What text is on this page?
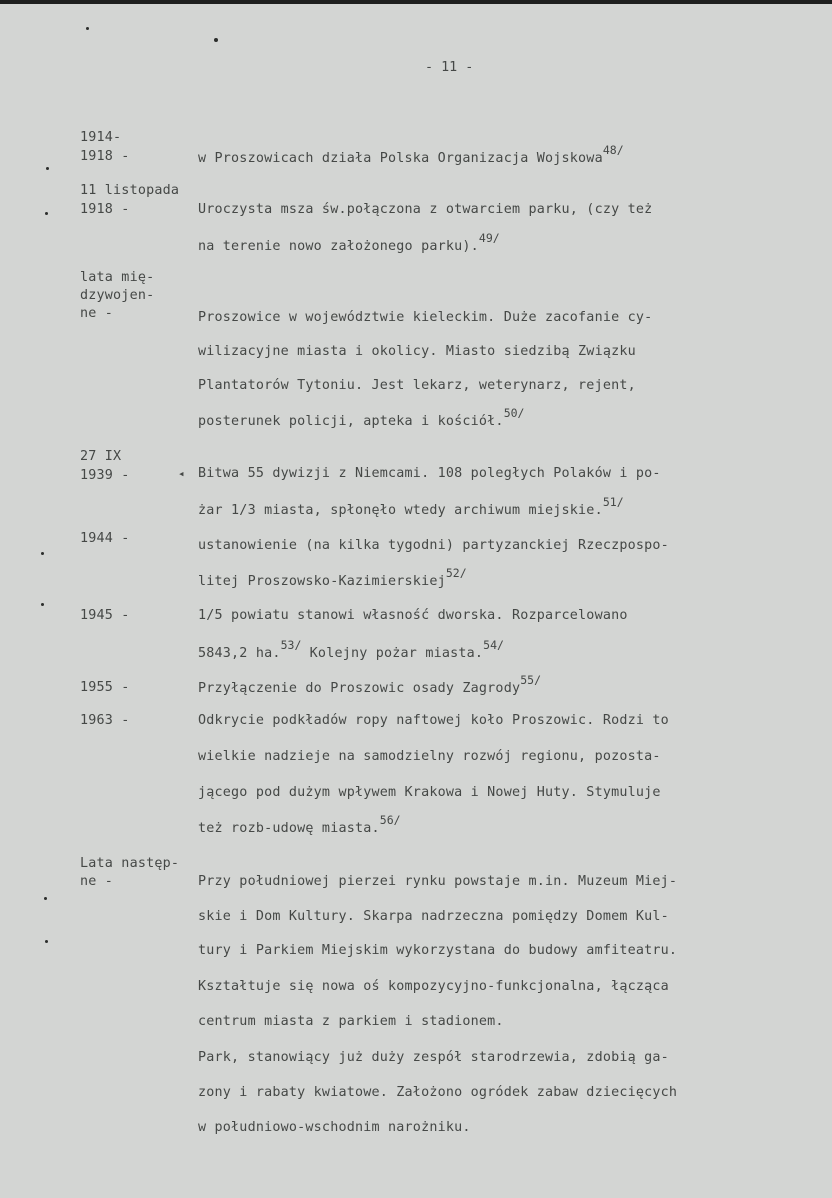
- 11 -
1914-
1918 -	w Proszowicach działa Polska Organizacja Wojskowa48/
11 listopada
1918 -	Uroczysta msza św.połączona z otwarciem parku, (czy też
na terenie nowo założonego parku).49/
lata mię-
dzywojen-
ne -	Proszowice w województwie kieleckim. Duże zacofanie cy-
wilizacyjne miasta i okolicy. Miasto siedzibą Związku
Plantatorów Tytoniu. Jest lekarz, weterynarz, rejent,
posterunek policji, apteka i kościół.50/
27 IX
1939 -	◂ Bitwa 55 dywizji z Niemcami. 108 poległych Polaków i po-
żar 1/3 miasta, spłonęło wtedy archiwum miejskie.51/
1944 -	ustanowienie (na kilka tygodni) partyzanckiej Rzeczpospo-
litej Proszowsko-Kazimierskiej52/
1945 -	1/5 powiatu stanowi własność dworska. Rozparcelowano
5843,2 ha.53/ Kolejny pożar miasta.54/
1955 -	Przyłączenie do Proszowic osady Zagrody55/
1963 -	Odkrycie podkładów ropy naftowej koło Proszowic. Rodzi to
wielkie nadzieje na samodzielny rozwój regionu, pozosta-
jącego pod dużym wpływem Krakowa i Nowej Huty. Stymuluje
też rozb-udowę miasta.56/
Lata następ-
ne -	Przy południowej pierzei rynku powstaje m.in. Muzeum Miej-
skie i Dom Kultury. Skarpa nadrzeczna pomiędzy Domem Kul-
tury i Parkiem Miejskim wykorzystana do budowy amfiteatru.
Kształtuje się nowa oś kompozycyjno-funkcjonalna, łącząca
centrum miasta z parkiem i stadionem.
Park, stanowiący już duży zespół starodrzewia, zdobią ga-
zony i rabaty kwiatowe. Założono ogródek zabaw dziecięcych
w południowo-wschodnim narożniku.
